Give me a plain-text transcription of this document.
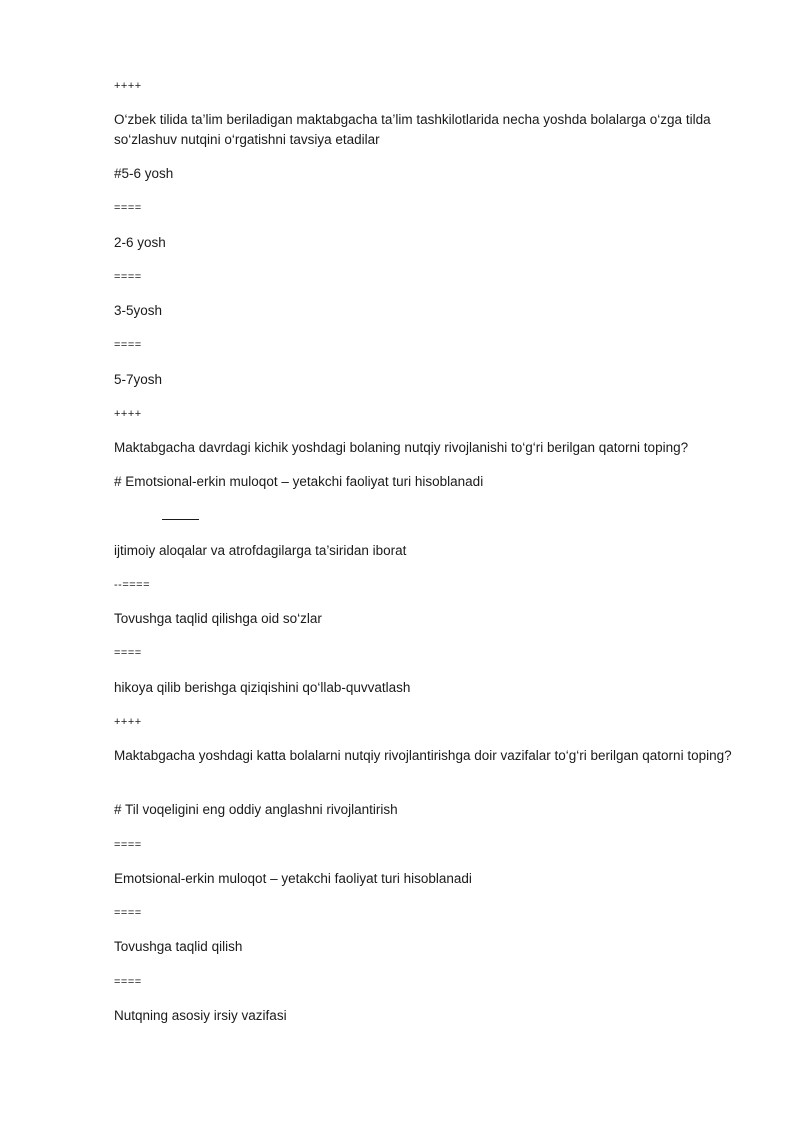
++++
O‘zbek tilida ta’lim beriladigan maktabgacha ta’lim tashkilotlarida necha yoshda bolalarga o‘zga tilda so‘zlashuv nutqini o‘rgatishni tavsiya etadilar
#5-6 yosh
====
2-6 yosh
====
3-5yosh
====
5-7yosh
++++
Maktabgacha davrdagi kichik yoshdagi bolaning nutqiy rivojlanishi to‘g‘ri berilgan qatorni toping?
# Emotsional-erkin muloqot – yetakchi faoliyat turi hisoblanadi
ijtimoiy aloqalar va atrofdagilarga ta’siridan iborat
--====
Tovushga taqlid qilishga oid so‘zlar
====
hikoya qilib berishga qiziqishini qo‘llab-quvvatlash
++++
Maktabgacha yoshdagi katta bolalarni nutqiy rivojlantirishga doir vazifalar to‘g‘ri berilgan qatorni toping?
# Til voqeligini eng oddiy anglashni rivojlantirish
====
Emotsional-erkin muloqot – yetakchi faoliyat turi hisoblanadi
====
Tovushga taqlid qilish
====
Nutqning asosiy irsiy vazifasi
